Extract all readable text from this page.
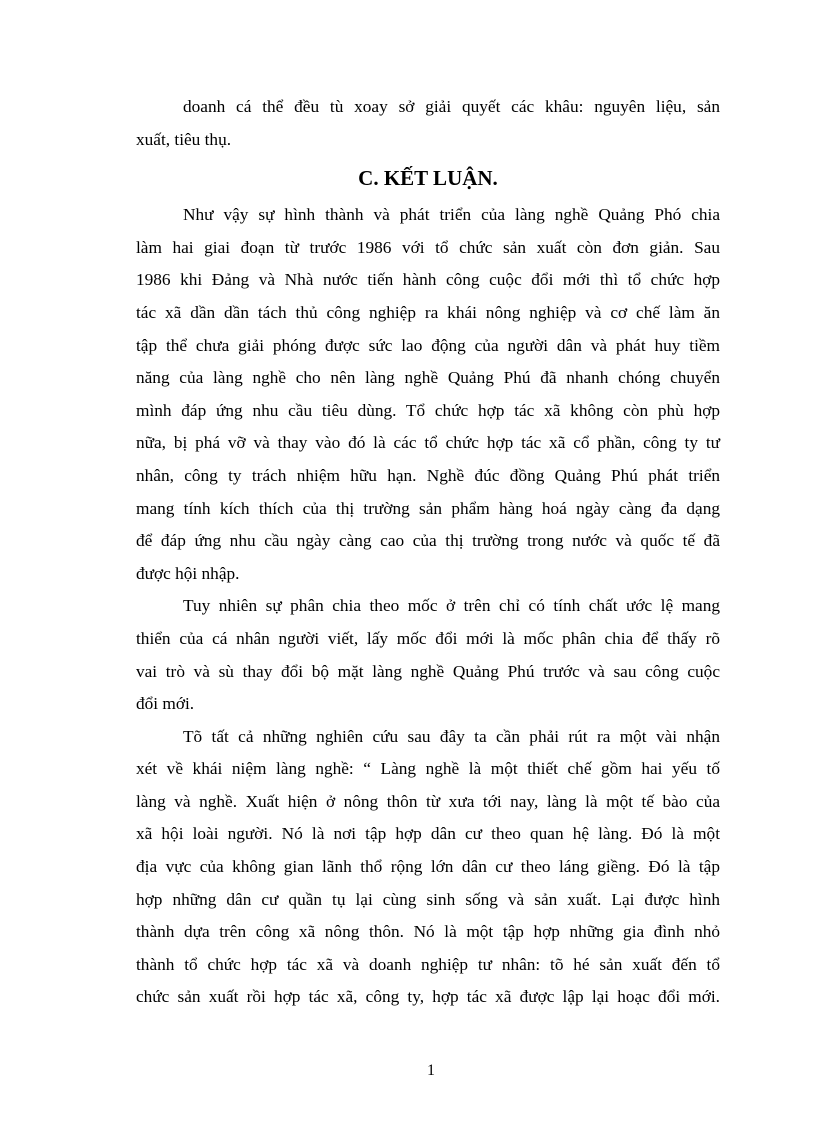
doanh cá thể đều tù xoay sở giải quyết các khâu: nguyên liệu, sản
xuất, tiêu thụ.
C. KẾT LUẬN.
Như vậy sự hình thành và phát triển của làng nghề Quảng Phó chia
làm hai giai đoạn từ trước 1986 với tổ chức sản xuất còn đơn giản. Sau
1986 khi Đảng và Nhà nước tiến hành công cuộc đổi mới thì tổ chức hợp
tác xã dần dần tách thủ công nghiệp ra khái nông nghiệp và cơ chế làm ăn
tập thể chưa giải phóng được sức lao động của người dân và phát huy tiềm
năng của làng nghề cho nên làng nghề Quảng Phú đã nhanh chóng chuyển
mình đáp ứng nhu cầu tiêu dùng. Tổ chức hợp tác xã không còn phù hợp
nữa, bị phá vỡ và thay vào đó là các tổ chức hợp tác xã cổ phần, công ty tư
nhân, công ty trách nhiệm hữu hạn. Nghề đúc đồng Quảng Phú phát triển
mang tính kích thích của thị trường sản phẩm hàng hoá ngày càng đa dạng
để đáp ứng nhu cầu ngày càng cao của thị trường trong nước và quốc tế đã
được hội nhập.
Tuy nhiên sự phân chia theo mốc ở trên chỉ có tính chất ước lệ mang
thiển của cá nhân người viết, lấy mốc đổi mới là mốc phân chia để thấy rõ
vai trò và sù thay đổi bộ mặt làng nghề Quảng Phú trước và sau công cuộc
đổi mới.
Tõ tất cả những nghiên cứu sau đây ta cần phải rút ra một vài nhận
xét về khái niệm làng nghề: “ Làng nghề là một thiết chế gồm hai yếu tố
làng và nghề. Xuất hiện ở nông thôn từ xưa tới nay, làng là một tế bào của
xã hội loài người. Nó là nơi tập hợp dân cư theo quan hệ làng. Đó là một
địa vực của không gian lãnh thổ rộng lớn dân cư theo láng giềng. Đó là tập
hợp những dân cư quần tụ lại cùng sinh sống và sản xuất. Lại được hình
thành dựa trên công xã nông thôn. Nó là một tập hợp những gia đình nhỏ
thành tổ chức hợp tác xã và doanh nghiệp tư nhân: tõ hé sản xuất đến tổ
chức sản xuất rồi hợp tác xã, công ty, hợp tác xã được lập lại hoạc đổi mới.
1
